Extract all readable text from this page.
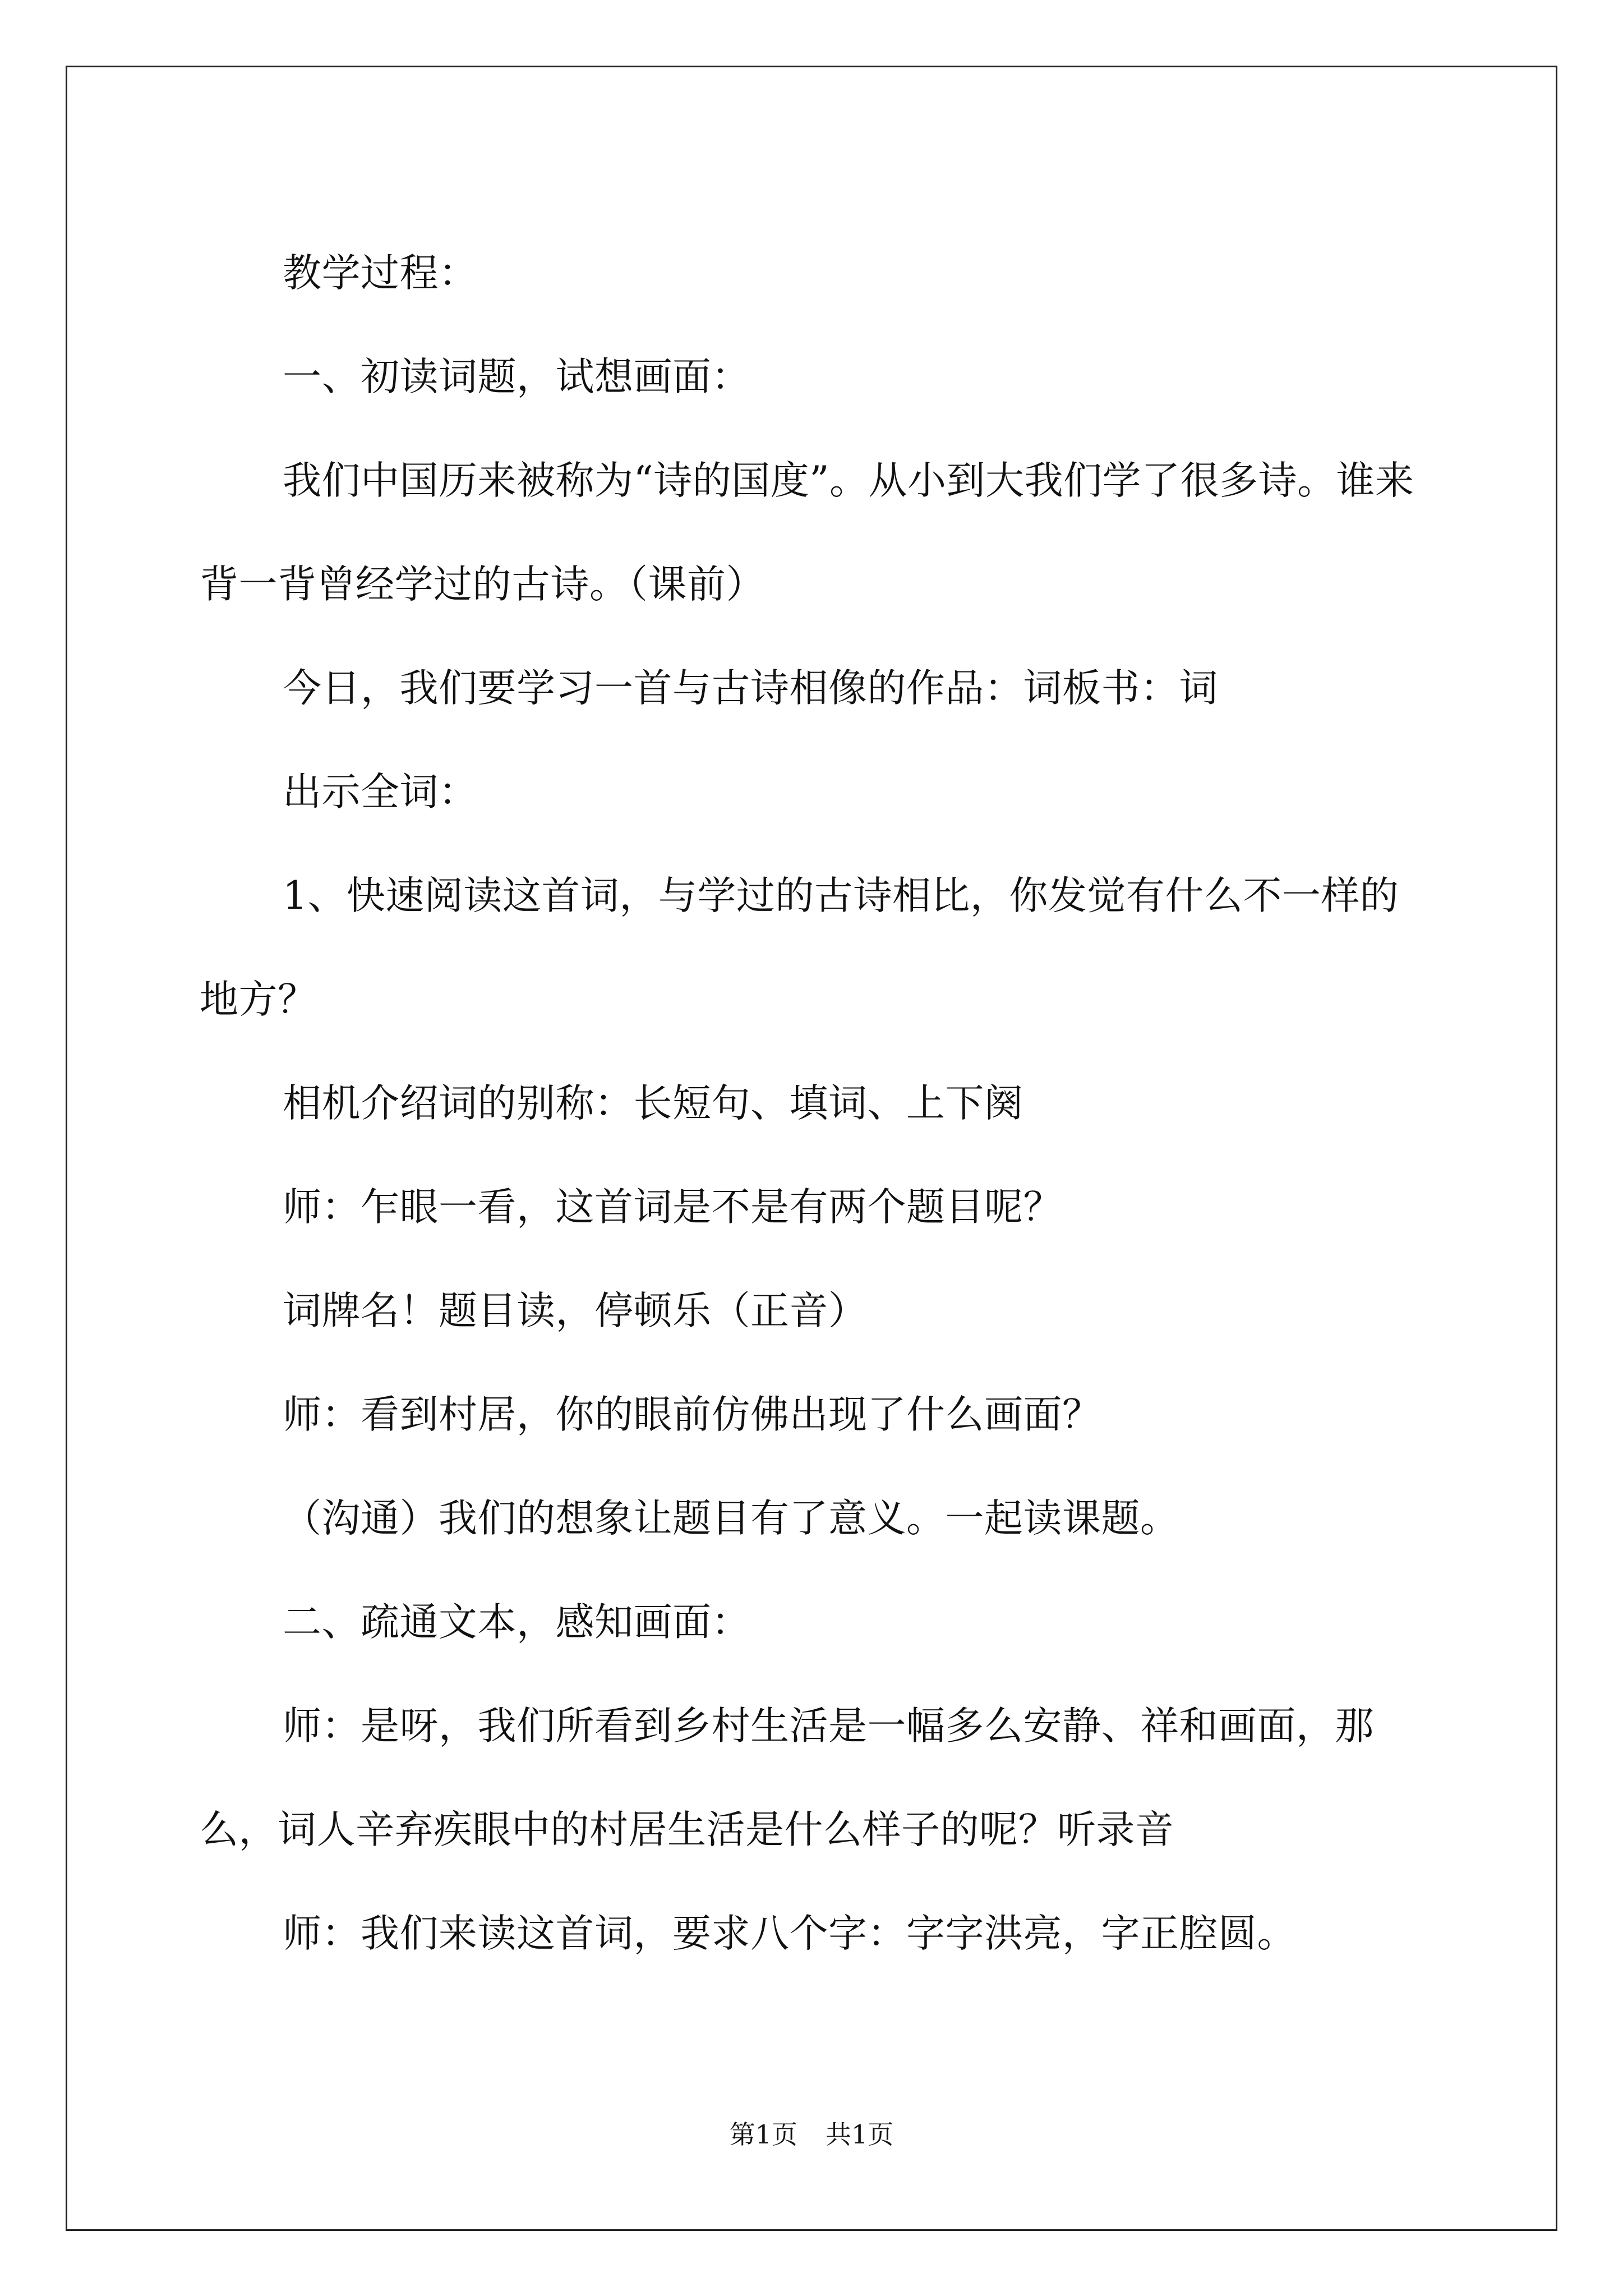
教学过程：

一、初读词题，试想画面：

我们中国历来被称为“诗的国度”。从小到大我们学了很多诗。谁来背一背曾经学过的古诗。（课前）

今日，我们要学习一首与古诗相像的作品：词板书：词

出示全词：

1、快速阅读这首词，与学过的古诗相比，你发觉有什么不一样的地方？

相机介绍词的别称：长短句、填词、上下阕

师：乍眼一看，这首词是不是有两个题目呢？

词牌名！题目读，停顿乐（正音）

师：看到村居，你的眼前仿佛出现了什么画面？

（沟通）我们的想象让题目有了意义。一起读课题。

二、疏通文本，感知画面：

师：是呀，我们所看到乡村生活是一幅多么安静、祥和画面，那么，词人辛弃疾眼中的村居生活是什么样子的呢？听录音

师：我们来读这首词，要求八个字：字字洪亮，字正腔圆。

第1页 共1页
